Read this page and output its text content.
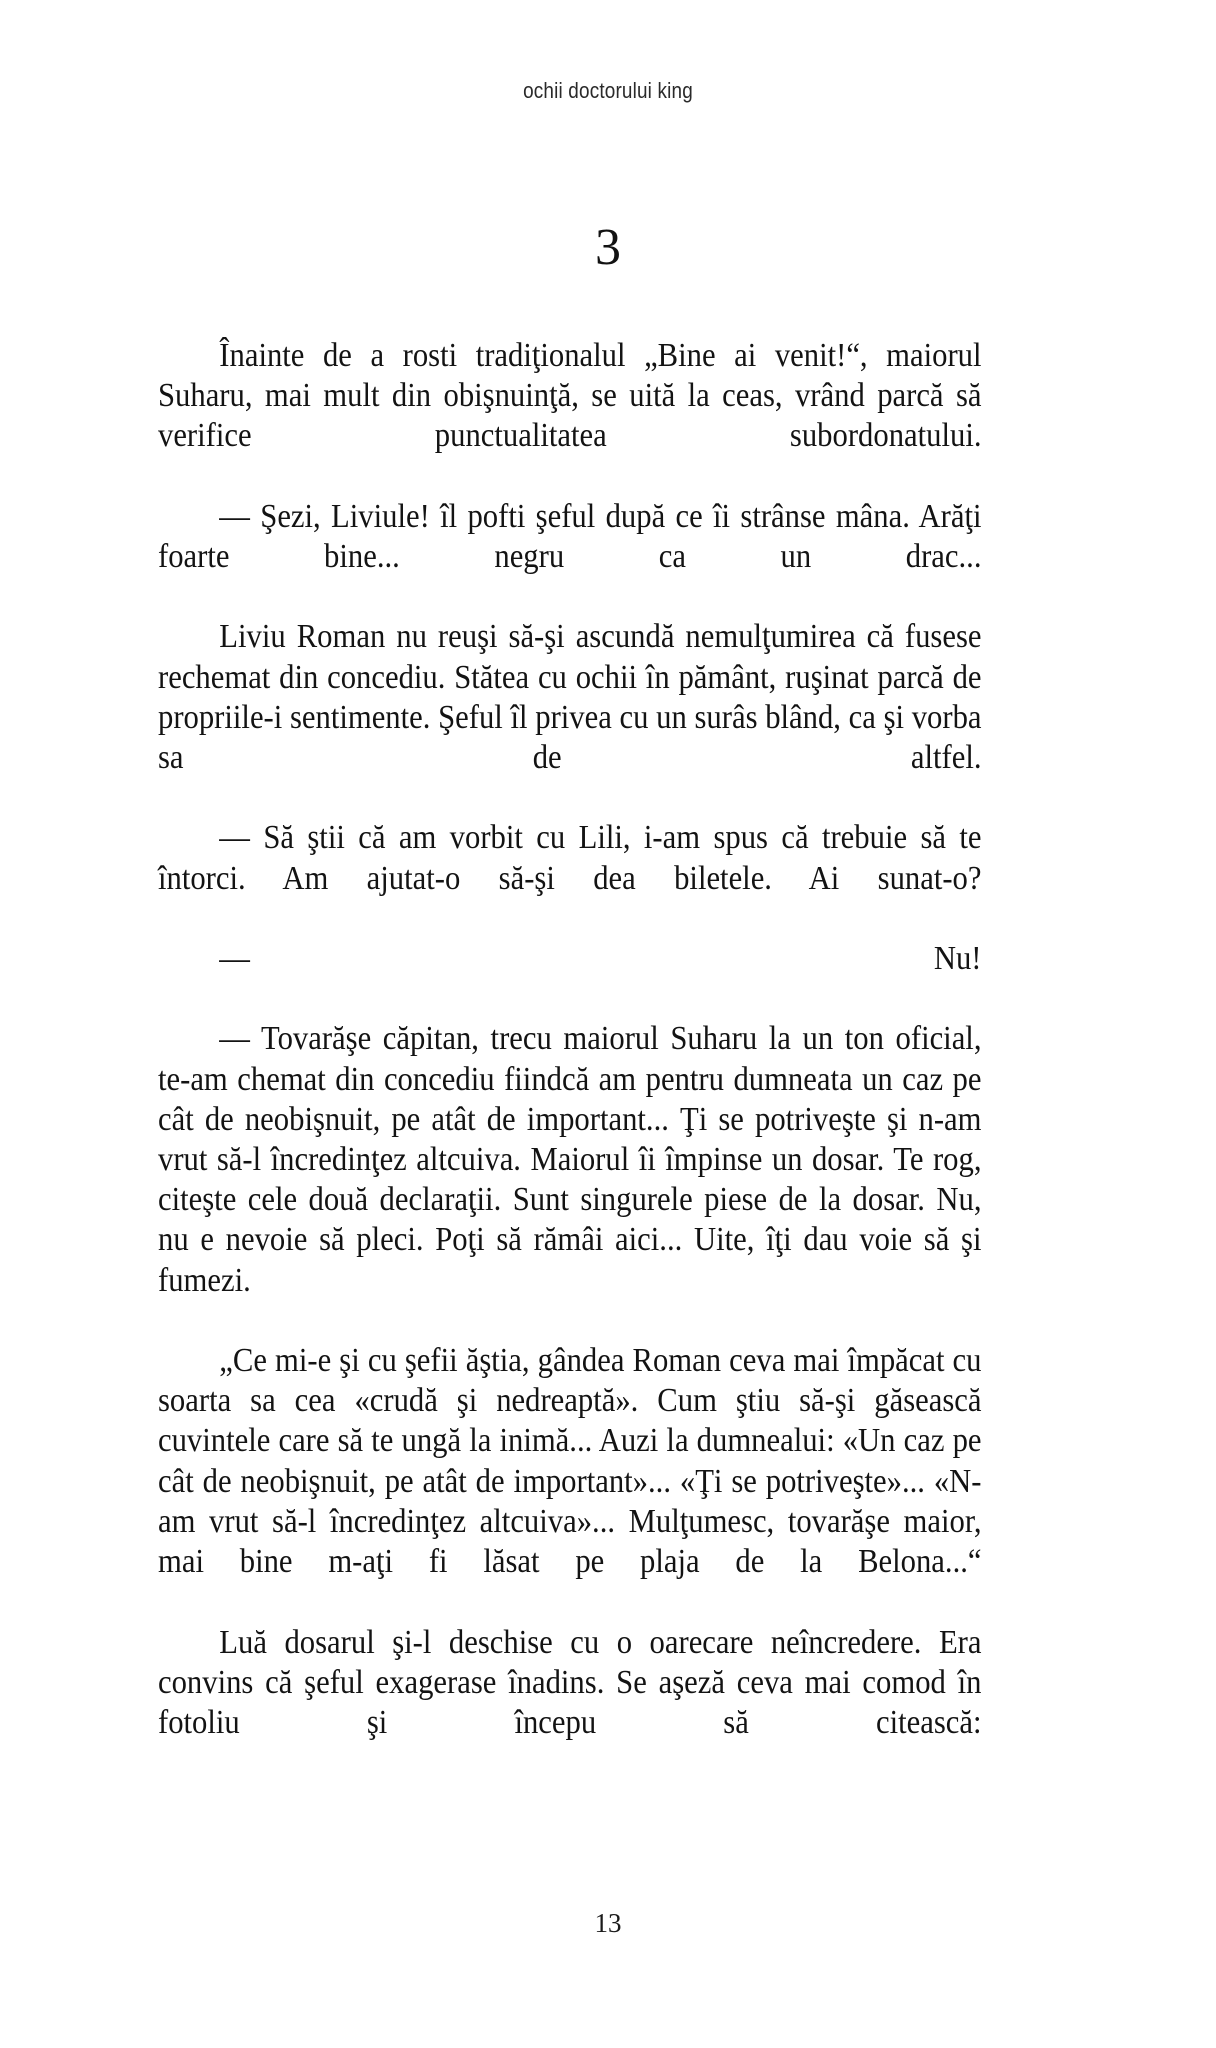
ochii doctorului king
3

Înainte de a rosti tradiţionalul „Bine ai venit!“, maiorul Suharu, mai mult din obişnuinţă, se uită la ceas, vrând parcă să verifice punctualitatea subordonatului.

— Şezi, Liviule! îl pofti şeful după ce îi strânse mâna. Arăţi foarte bine... negru ca un drac...

Liviu Roman nu reuşi să-şi ascundă nemulţumirea că fusese rechemat din concediu. Stătea cu ochii în pământ, ruşinat parcă de propriile-i sentimente. Şeful îl privea cu un surâs blând, ca şi vorba sa de altfel.

— Să ştii că am vorbit cu Lili, i-am spus că trebuie să te întorci. Am ajutat-o să-şi dea biletele. Ai sunat-o?

— Nu!

— Tovarăşe căpitan, trecu maiorul Suharu la un ton oficial, te-am chemat din concediu fiindcă am pentru dumneata un caz pe cât de neobişnuit, pe atât de important... Ţi se potriveşte şi n-am vrut să-l încredinţez altcuiva. Maiorul îi împinse un dosar. Te rog, citeşte cele două declaraţii. Sunt singurele piese de la dosar. Nu, nu e nevoie să pleci. Poţi să rămâi aici... Uite, îţi dau voie să şi fumezi.

„Ce mi-e şi cu şefii ăştia, gândea Roman ceva mai împăcat cu soarta sa cea «crudă şi nedreaptă». Cum ştiu să-şi găsească cuvintele care să te ungă la inimă... Auzi la dumnealui: «Un caz pe cât de neobişnuit, pe atât de important»... «Ţi se potriveşte»... «N-am vrut să-l încredinţez altcuiva»... Mulţumesc, tovarăşe maior, mai bine m-aţi fi lăsat pe plaja de la Belona...“

Luă dosarul şi-l deschise cu o oarecare neîncredere. Era convins că şeful exagerase înadins. Se aşeză ceva mai comod în fotoliu şi începu să citească:

13
